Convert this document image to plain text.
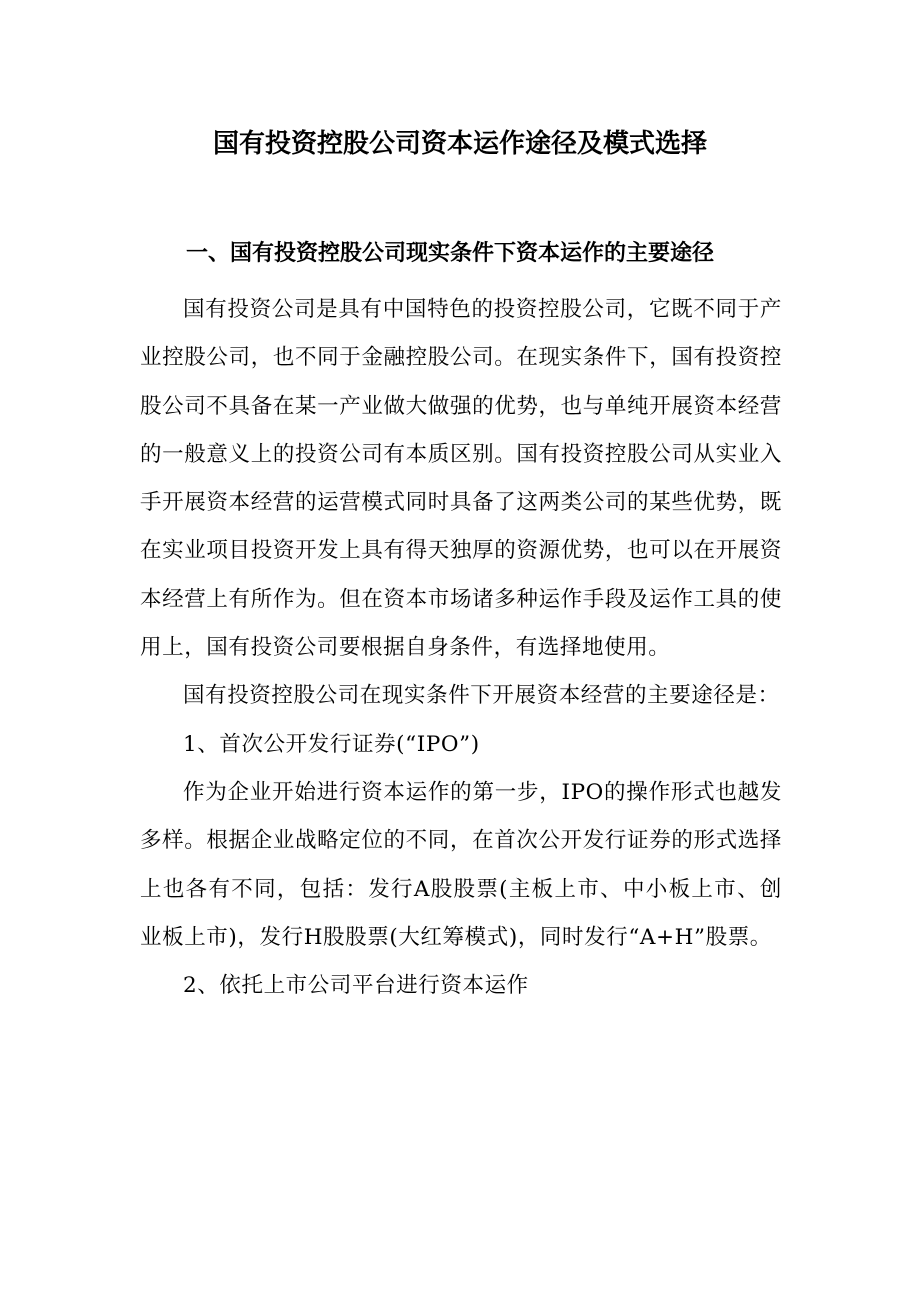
国有投资控股公司资本运作途径及模式选择
一、国有投资控股公司现实条件下资本运作的主要途径

国有投资公司是具有中国特色的投资控股公司，它既不同于产业控股公司，也不同于金融控股公司。在现实条件下，国有投资控股公司不具备在某一产业做大做强的优势，也与单纯开展资本经营的一般意义上的投资公司有本质区别。国有投资控股公司从实业入手开展资本经营的运营模式同时具备了这两类公司的某些优势，既在实业项目投资开发上具有得天独厚的资源优势，也可以在开展资本经营上有所作为。但在资本市场诸多种运作手段及运作工具的使用上，国有投资公司要根据自身条件，有选择地使用。

国有投资控股公司在现实条件下开展资本经营的主要途径是：

1、首次公开发行证券(“IPO”)

作为企业开始进行资本运作的第一步，IPO的操作形式也越发多样。根据企业战略定位的不同，在首次公开发行证券的形式选择上也各有不同，包括：发行A股股票(主板上市、中小板上市、创业板上市)，发行H股股票(大红筹模式)，同时发行“A+H”股票。

2、依托上市公司平台进行资本运作
